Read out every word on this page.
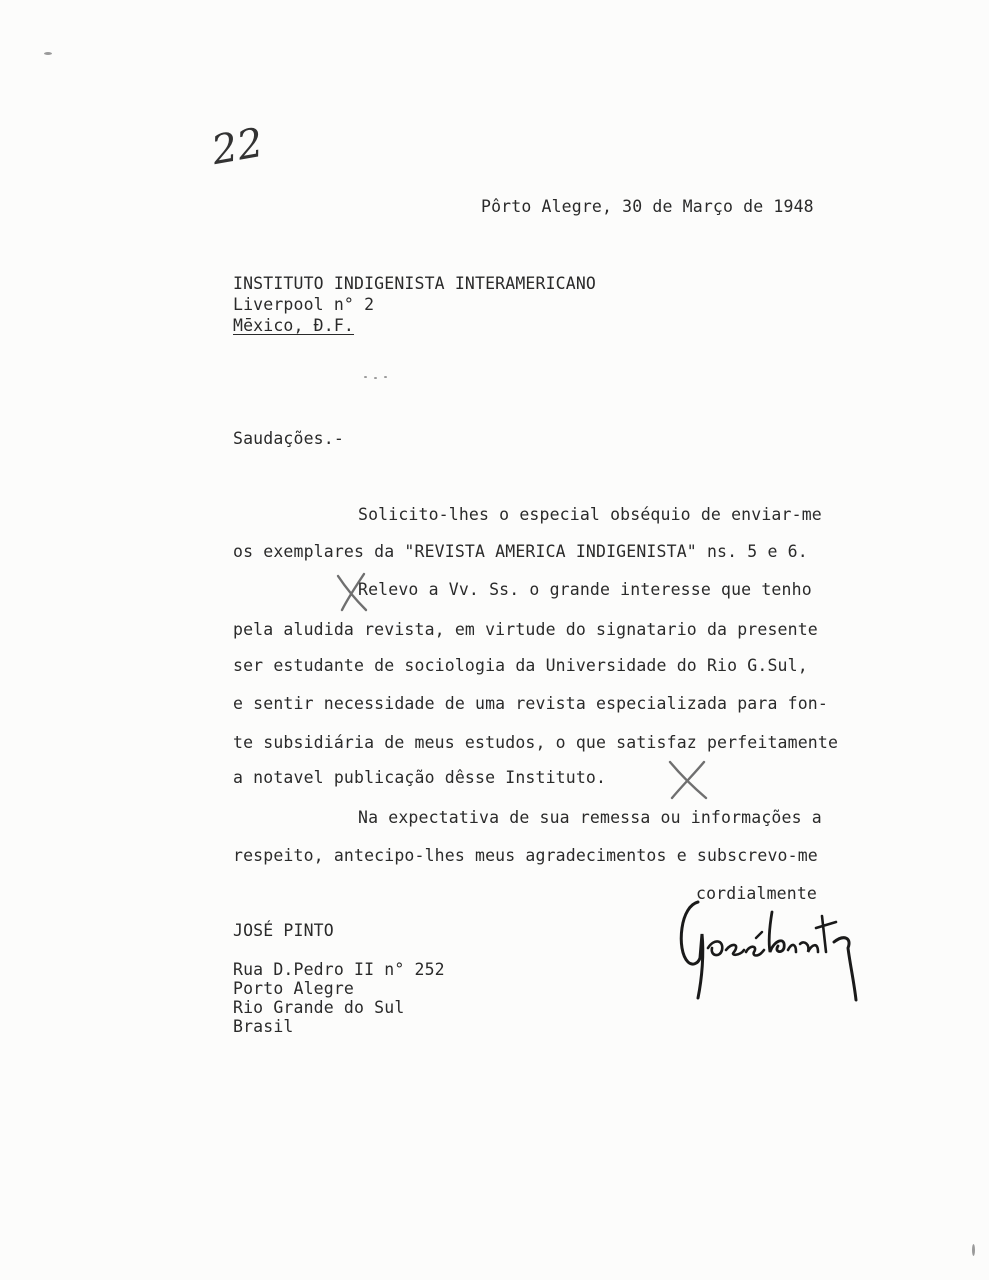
22
Pôrto Alegre, 30 de Março de 1948
INSTITUTO INDIGENISTA INTERAMERICANO
Liverpool n° 2
Mēxico, Đ.F.
Saudações.-
Solicito-lhes o especial obséquio de enviar-me
os exemplares da "REVISTA AMERICA INDIGENISTA" ns. 5 e 6.
Relevo a Vv. Ss. o grande interesse que tenho
pela aludida revista, em virtude do signatario da presente
ser estudante de sociologia da Universidade do Rio G.Sul,
e sentir necessidade de uma revista especializada para fon-
te subsidiária de meus estudos, o que satisfaz perfeitamente
a notavel publicação dêsse Instituto.
Na expectativa de sua remessa ou informações a
respeito, antecipo-lhes meus agradecimentos e subscrevo-me
cordialmente
JOSÉ PINTO
Rua D.Pedro II n° 252
Porto Alegre
Rio Grande do Sul
Brasil
